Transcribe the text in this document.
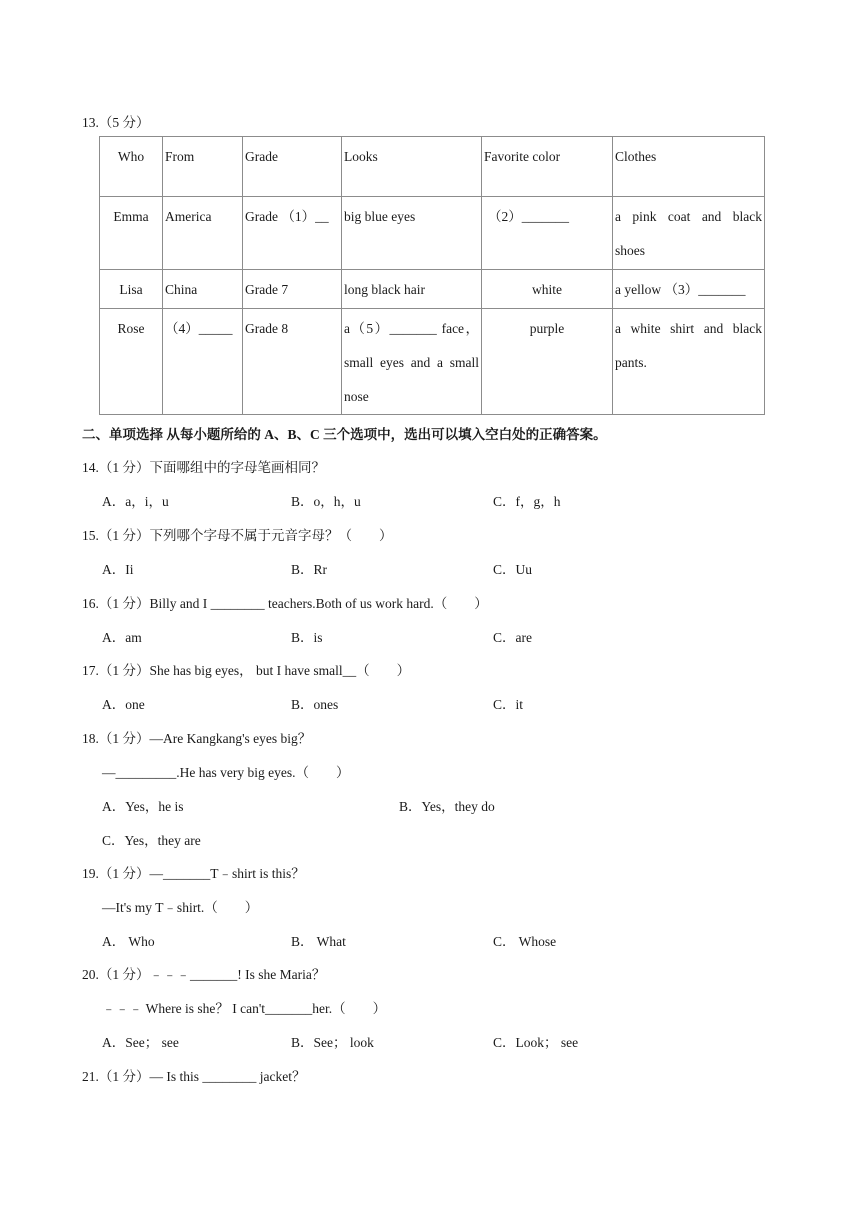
13.（5 分）
Who	From	Grade	Looks	Favorite color	Clothes
Emma	America	Grade （1）__	big blue eyes	（2）_______	a pink coat and black shoes
Lisa	China	Grade 7	long black hair	white	a yellow （3）_______
Rose	（4）_____	Grade 8	a（5）_______ face，small eyes and a small nose	purple	a white shirt and black pants.
二、单项选择 从每小题所给的 A、B、C 三个选项中，选出可以填入空白处的正确答案。
14.（1 分）下面哪组中的字母笔画相同？
A．a，i，u	B．o，h，u	C．f，g，h
15.（1 分）下列哪个字母不属于元音字母？（　　）
A．Ii	B．Rr	C．Uu
16.（1 分）Billy and I ________ teachers.Both of us work hard.（　　）
A．am	B．is	C．are
17.（1 分）She has big eyes， but I have small__（　　）
A．one	B．ones	C．it
18.（1 分）—Are Kangkang's eyes big？
—_________.He has very big eyes.（　　）
A．Yes，he is	B．Yes，they do
C．Yes，they are
19.（1 分）—_______T﹣shirt is this？
—It's my T﹣shirt.（　　）
A． Who	B． What	C． Whose
20.（1 分）﹣﹣﹣_______! Is she Maria？
﹣﹣﹣ Where is she？ I can't_______her.（　　）
A．See； see	B．See； look	C．Look； see
21.（1 分）— Is this ________ jacket？
